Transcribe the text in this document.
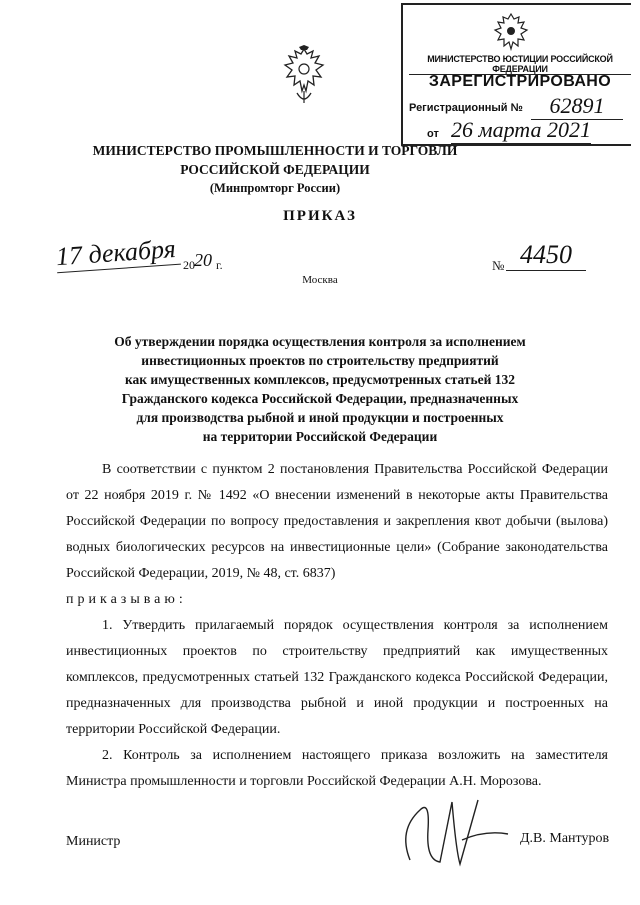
МИНИСТЕРСТВО ЮСТИЦИИ РОССИЙСКОЙ ФЕДЕРАЦИИ
ЗАРЕГИСТРИРОВАНО
Регистрационный №	62891
от 26 марта 2021
МИНИСТЕРСТВО ПРОМЫШЛЕННОСТИ И ТОРГОВЛИ
РОССИЙСКОЙ ФЕДЕРАЦИИ
(Минпромторг России)
ПРИКАЗ
17 декабря 20 20 г.	№ 4450
Москва
Об утверждении порядка осуществления контроля за исполнением
инвестиционных проектов по строительству предприятий
как имущественных комплексов, предусмотренных статьей 132
Гражданского кодекса Российской Федерации, предназначенных
для производства рыбной и иной продукции и построенных
на территории Российской Федерации

В соответствии с пунктом 2 постановления Правительства Российской Федерации от 22 ноября 2019 г. № 1492 «О внесении изменений в некоторые акты Правительства Российской Федерации по вопросу предоставления и закрепления квот добычи (вылова) водных биологических ресурсов на инвестиционные цели» (Собрание законодательства Российской Федерации, 2019, № 48, ст. 6837)

приказываю:

1. Утвердить прилагаемый порядок осуществления контроля за исполнением инвестиционных проектов по строительству предприятий как имущественных комплексов, предусмотренных статьей 132 Гражданского кодекса Российской Федерации, предназначенных для производства рыбной и иной продукции и построенных на территории Российской Федерации.

2. Контроль за исполнением настоящего приказа возложить на заместителя Министра промышленности и торговли Российской Федерации А.Н. Морозова.

Министр	Д.В. Мантуров
